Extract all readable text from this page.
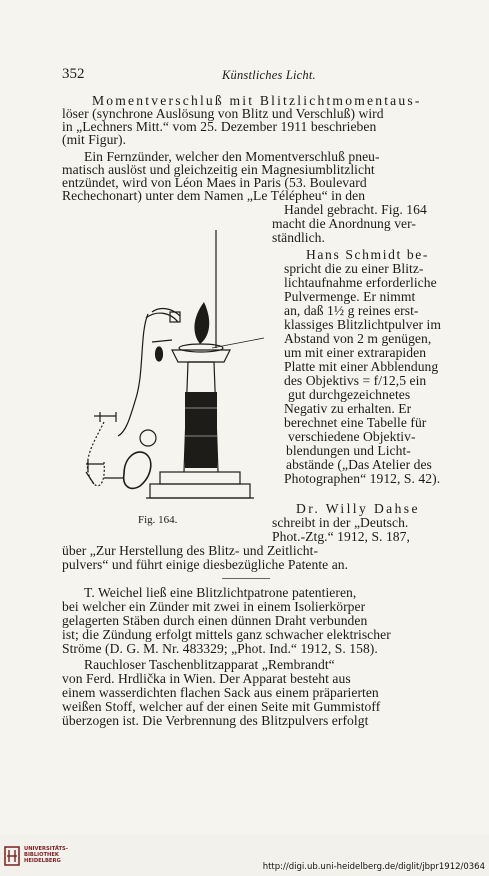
352	Künstliches Licht.
Momentverschluß mit Blitzlichtmomentaus-
löser (synchrone Auslösung von Blitz und Verschluß) wird
in „Lechners Mitt.“ vom 25. Dezember 1911 beschrieben
(mit Figur).
Ein Fernzünder, welcher den Momentverschluß pneu-
matisch auslöst und gleichzeitig ein Magnesiumblitzlicht
entzündet, wird von Léon Maes in Paris (53. Boulevard
Rechechonart) unter dem Namen „Le Télépheu“ in den
Handel gebracht. Fig. 164
macht die Anordnung ver-
ständlich.
Hans Schmidt be-
spricht die zu einer Blitz-
lichtaufnahme erforderliche
Pulvermenge. Er nimmt
an, daß 1½ g reines erst-
klassiges Blitzlichtpulver im
Abstand von 2 m genügen,
um mit einer extrarapiden
Platte mit einer Abblendung
des Objektivs = f/12,5 ein
gut durchgezeichnetes
Negativ zu erhalten. Er
berechnet eine Tabelle für
verschiedene Objektiv-
blendungen und Licht-
abstände („Das Atelier des
Photographen“ 1912, S. 42).
Dr. Willy Dahse
schreibt in der „Deutsch.
Phot.-Ztg.“ 1912, S. 187,
über „Zur Herstellung des Blitz- und Zeitlicht-
pulvers“ und führt einige diesbezügliche Patente an.
T. Weichel ließ eine Blitzlichtpatrone patentieren,
bei welcher ein Zünder mit zwei in einem Isolierkörper
gelagerten Stäben durch einen dünnen Draht verbunden
ist; die Zündung erfolgt mittels ganz schwacher elektrischer
Ströme (D. G. M. Nr. 483329; „Phot. Ind.“ 1912, S. 158).
Rauchloser Taschenblitzapparat „Rembrandt“
von Ferd. Hrdlička in Wien. Der Apparat besteht aus
einem wasserdichten flachen Sack aus einem präparierten
weißen Stoff, welcher auf der einen Seite mit Gummistoff
überzogen ist. Die Verbrennung des Blitzpulvers erfolgt
Fig. 164.
UNIVERSITÄTS-
BIBLIOTHEK
HEIDELBERG
http://digi.ub.uni-heidelberg.de/diglit/jbpr1912/0364
